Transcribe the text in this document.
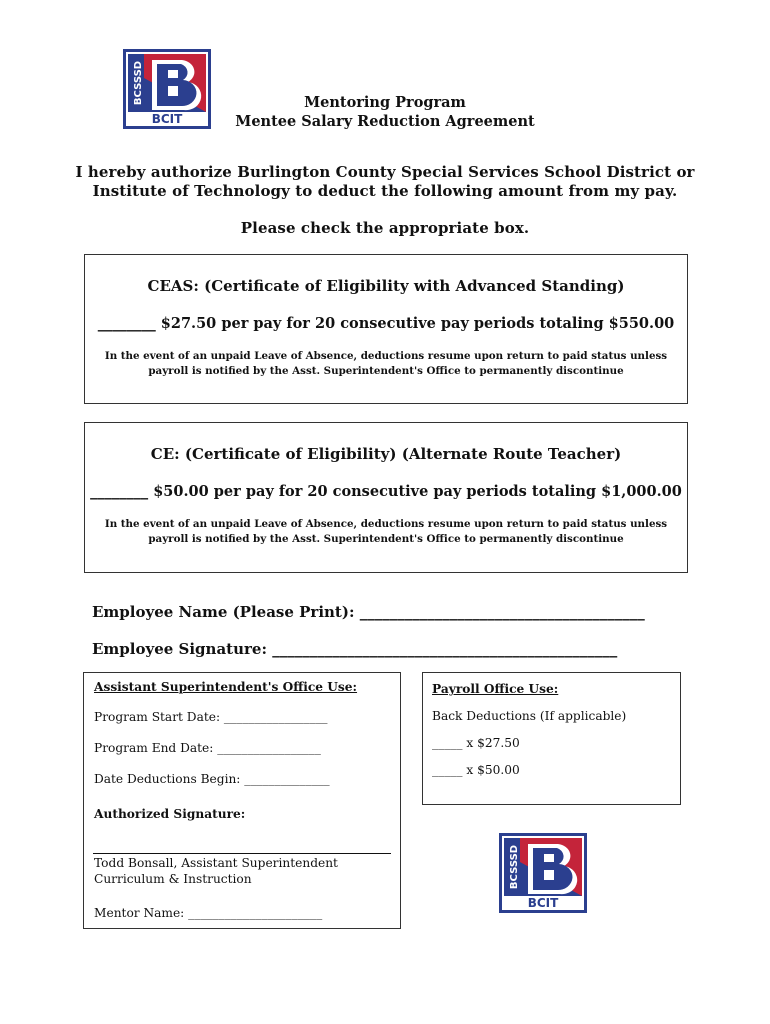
BCSSSD
BCIT
Mentoring Program
Mentee Salary Reduction Agreement
I hereby authorize Burlington County Special Services School District or
Institute of Technology to deduct the following amount from my pay.
Please check the appropriate box.
CEAS: (Certificate of Eligibility with Advanced Standing)
________ $27.50 per pay for 20 consecutive pay periods totaling $550.00
In the event of an unpaid Leave of Absence, deductions resume upon return to paid status unless
payroll is notified by the Asst. Superintendent's Office to permanently discontinue
CE: (Certificate of Eligibility) (Alternate Route Teacher)
________ $50.00 per pay for 20 consecutive pay periods totaling $1,000.00
In the event of an unpaid Leave of Absence, deductions resume upon return to paid status unless
payroll is notified by the Asst. Superintendent's Office to permanently discontinue
Employee Name (Please Print): ______________________________________
Employee Signature: ______________________________________________
Assistant Superintendent's Office Use:
Program Start Date: _________________
Program End Date: _________________
Date Deductions Begin: ______________
Authorized Signature:
Todd Bonsall, Assistant Superintendent
Curriculum & Instruction
Mentor Name: ______________________
Payroll Office Use:
Back Deductions (If applicable)
_____ x $27.50
_____ x $50.00
BCSSSD
BCIT
